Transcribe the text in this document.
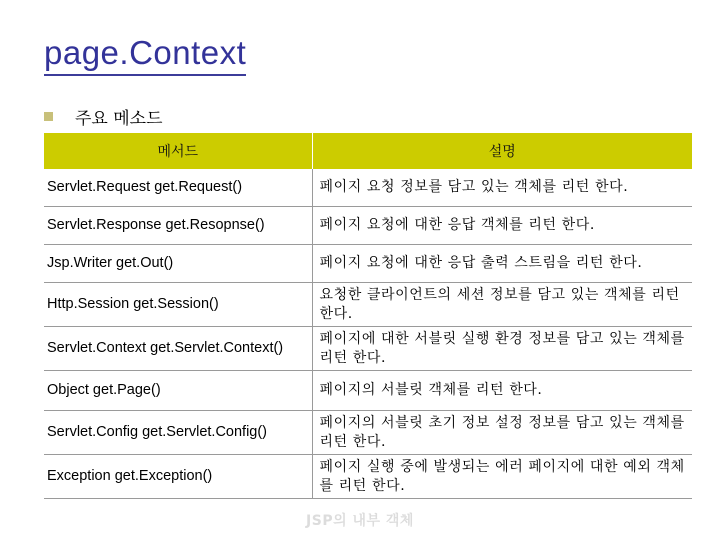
page.Context
주요 메소드
메서드	설명
Servlet.Request get.Request()	페이지 요청 정보를 담고 있는 객체를 리턴 한다.
Servlet.Response get.Resopnse()	페이지 요청에 대한 응답 객체를 리턴 한다.
Jsp.Writer get.Out()	페이지 요청에 대한 응답 출력 스트림을 리턴 한다.
Http.Session get.Session()	요청한 클라이언트의 세션 정보를 담고 있는 객체를 리턴 한다.
Servlet.Context get.Servlet.Context()	페이지에 대한 서블릿 실행 환경 정보를 담고 있는 객체를 리턴 한다.
Object get.Page()	페이지의 서블릿 객체를 리턴 한다.
Servlet.Config get.Servlet.Config()	페이지의 서블릿 초기 정보 설정 정보를 담고 있는 객체를 리턴 한다.
Exception get.Exception()	페이지 실행 중에 발생되는 에러 페이지에 대한 예외 객체를 리턴 한다.
JSP의 내부 객체
